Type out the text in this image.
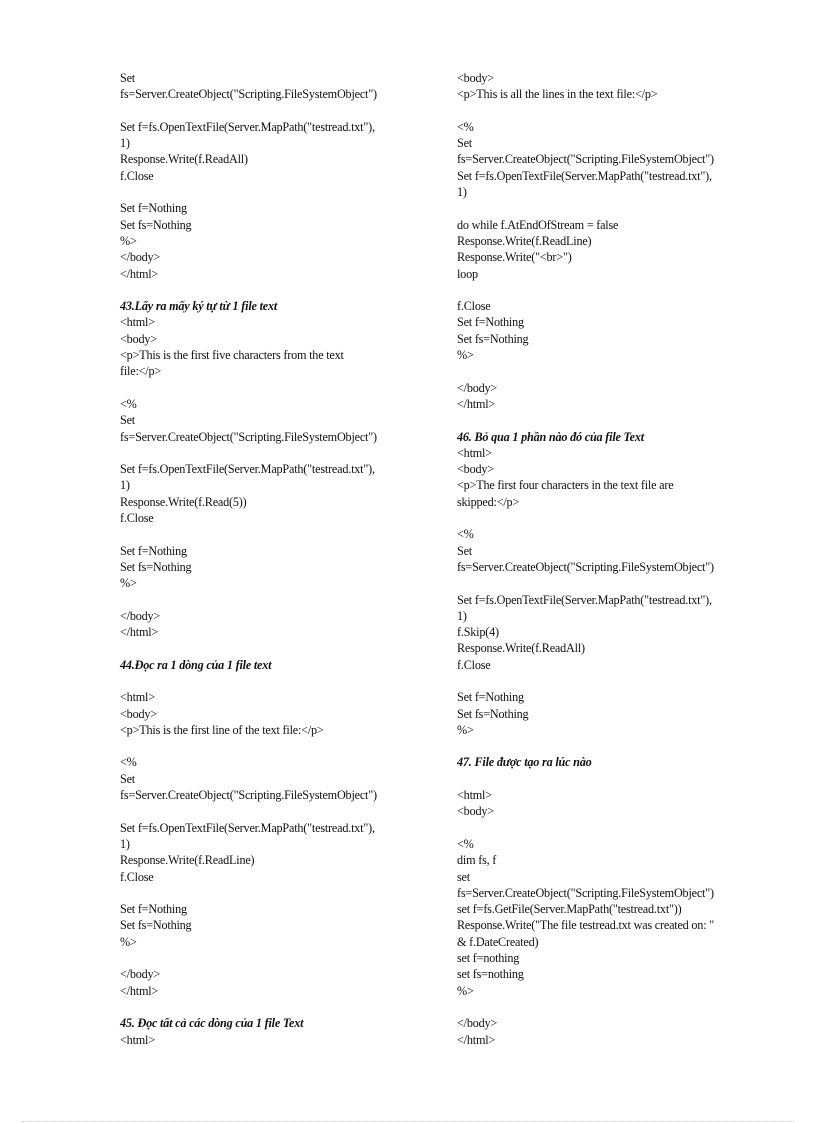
Set
fs=Server.CreateObject("Scripting.FileSystemObject")
Set f=fs.OpenTextFile(Server.MapPath("testread.txt"),
1)
Response.Write(f.ReadAll)
f.Close
Set f=Nothing
Set fs=Nothing
%>
</body>
</html>
43.Lấy ra mấy ký tự từ 1 file text
<html>
<body>
<p>This is the first five characters from the text
file:</p>
<%
Set
fs=Server.CreateObject("Scripting.FileSystemObject")
Set f=fs.OpenTextFile(Server.MapPath("testread.txt"),
1)
Response.Write(f.Read(5))
f.Close
Set f=Nothing
Set fs=Nothing
%>
</body>
</html>
44.Đọc ra 1 dòng của 1 file text
<html>
<body>
<p>This is the first line of the text file:</p>
<%
Set
fs=Server.CreateObject("Scripting.FileSystemObject")
Set f=fs.OpenTextFile(Server.MapPath("testread.txt"),
1)
Response.Write(f.ReadLine)
f.Close
Set f=Nothing
Set fs=Nothing
%>
</body>
</html>
45. Đọc tất cả các dòng của 1 file Text
<html>
<body>
<p>This is all the lines in the text file:</p>
<%
Set
fs=Server.CreateObject("Scripting.FileSystemObject")
Set f=fs.OpenTextFile(Server.MapPath("testread.txt"),
1)
do while f.AtEndOfStream = false
Response.Write(f.ReadLine)
Response.Write("<br>")
loop
f.Close
Set f=Nothing
Set fs=Nothing
%>
</body>
</html>
46. Bỏ qua 1 phần nào đó của file Text
<html>
<body>
<p>The first four characters in the text file are
skipped:</p>
<%
Set
fs=Server.CreateObject("Scripting.FileSystemObject")
Set f=fs.OpenTextFile(Server.MapPath("testread.txt"),
1)
f.Skip(4)
Response.Write(f.ReadAll)
f.Close
Set f=Nothing
Set fs=Nothing
%>
47. File được tạo ra lúc nào
<html>
<body>
<%
dim fs, f
set
fs=Server.CreateObject("Scripting.FileSystemObject")
set f=fs.GetFile(Server.MapPath("testread.txt"))
Response.Write("The file testread.txt was created on: "
& f.DateCreated)
set f=nothing
set fs=nothing
%>
</body>
</html>
